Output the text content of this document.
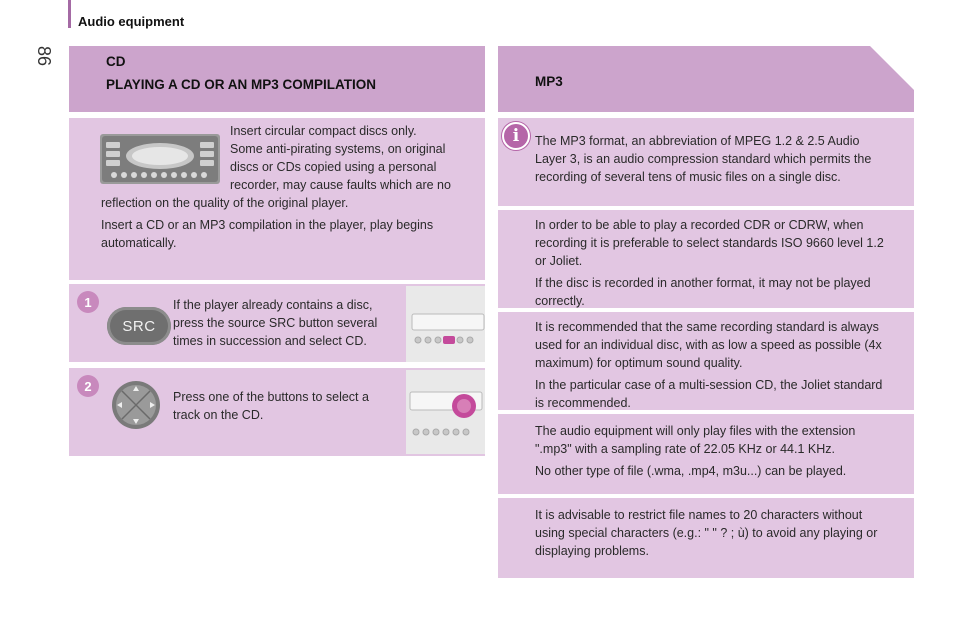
86
Audio equipment
CD
PLAYING A CD OR AN MP3 COMPILATION
Insert circular compact discs only.
Some anti-pirating systems, on original
discs or CDs copied using a personal
recorder, may cause faults which are no

reflection on the quality of the original player.

Insert a CD or an MP3 compilation in the player, play begins automatically.

1
SRC
If the player already contains a disc, press the source SRC button several times in succession and select CD.
2
Press one of the buttons to select a track on the CD.
MP3

The MP3 format, an abbreviation of MPEG 1.2 & 2.5 Audio Layer 3, is an audio compression standard which permits the recording of several tens of music files on a single disc.

i

In order to be able to play a recorded CDR or CDRW, when recording it is preferable to select standards ISO 9660 level 1.2 or Joliet.

If the disc is recorded in another format, it may not be played correctly.

It is recommended that the same recording standard is always used for an individual disc, with as low a speed as possible (4x maximum) for optimum sound quality.

In the particular case of a multi-session CD, the Joliet standard is recommended.

The audio equipment will only play files with the extension ".mp3" with a sampling rate of 22.05 KHz or 44.1 KHz.

No other type of file (.wma, .mp4, m3u...) can be played.

It is advisable to restrict file names to 20 characters without using special characters (e.g.: " " ? ; ù) to avoid any playing or displaying problems.
